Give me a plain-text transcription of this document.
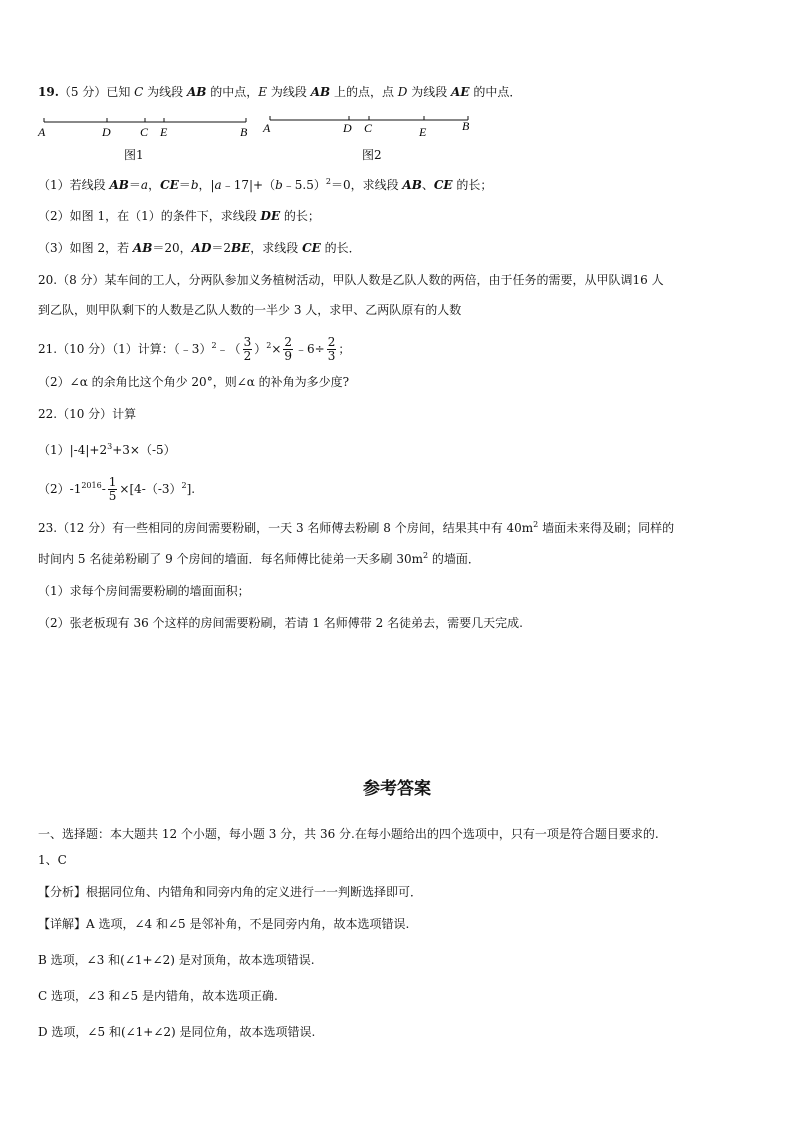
19.（5 分）已知 C 为线段 AB 的中点，E 为线段 AB 上的点，点 D 为线段 AE 的中点．
A	D C E	B
图1
A	D C	E	B
图2
（1）若线段 AB＝a，CE＝b，|a﹣17|+（b﹣5.5）$^2$＝0，求线段 AB、CE 的长；
（2）如图 1，在（1）的条件下，求线段 DE 的长；
（3）如图 2，若 AB＝20，AD＝2BE，求线段 CE 的长．
20.（8 分）某车间的工人，分两队参加义务植树活动，甲队人数是乙队人数的两倍，由于任务的需要，从甲队调16 人
到乙队，则甲队剩下的人数是乙队人数的一半少 3 人，求甲、乙两队原有的人数
21.（10 分）（1）计算：（﹣3）$^2$﹣（ $\frac{3}{2} )^2\times \frac{2}{9}$ ﹣6÷ $\frac{2}{3}$ ；
（2）∠α 的余角比这个角少 20°，则∠α 的补角为多少度?
22.（10 分）计算
$(1)|-4|+2^3+3\times(-5)$
$(2)-1^{2016}- \frac{1}{5} \times[4-(-3)^2]$.
23.（12 分）有一些相同的房间需要粉刷，一天 3 名师傅去粉刷 8 个房间，结果其中有 $40m^2$ 墙面未来得及刷；同样的
时间内 5 名徒弟粉刷了 9 个房间的墙面．每名师傅比徒弟一天多刷 $30m^2$ 的墙面．
（1）求每个房间需要粉刷的墙面面积；
（2）张老板现有 36 个这样的房间需要粉刷，若请 1 名师傅带 2 名徒弟去，需要几天完成.
参考答案
一、选择题：本大题共 12 个小题，每小题 3 分，共 36 分.在每小题给出的四个选项中，只有一项是符合题目要求的.
1、C
【分析】根据同位角、内错角和同旁内角的定义进行一一判断选择即可．
【详解】A 选项，∠4 和∠5 是邻补角，不是同旁内角，故本选项错误.
B 选项，∠3 和(∠1+∠2) 是对顶角，故本选项错误.
C 选项，∠3 和∠5 是内错角，故本选项正确.
D 选项，∠5 和(∠1+∠2) 是同位角，故本选项错误.
